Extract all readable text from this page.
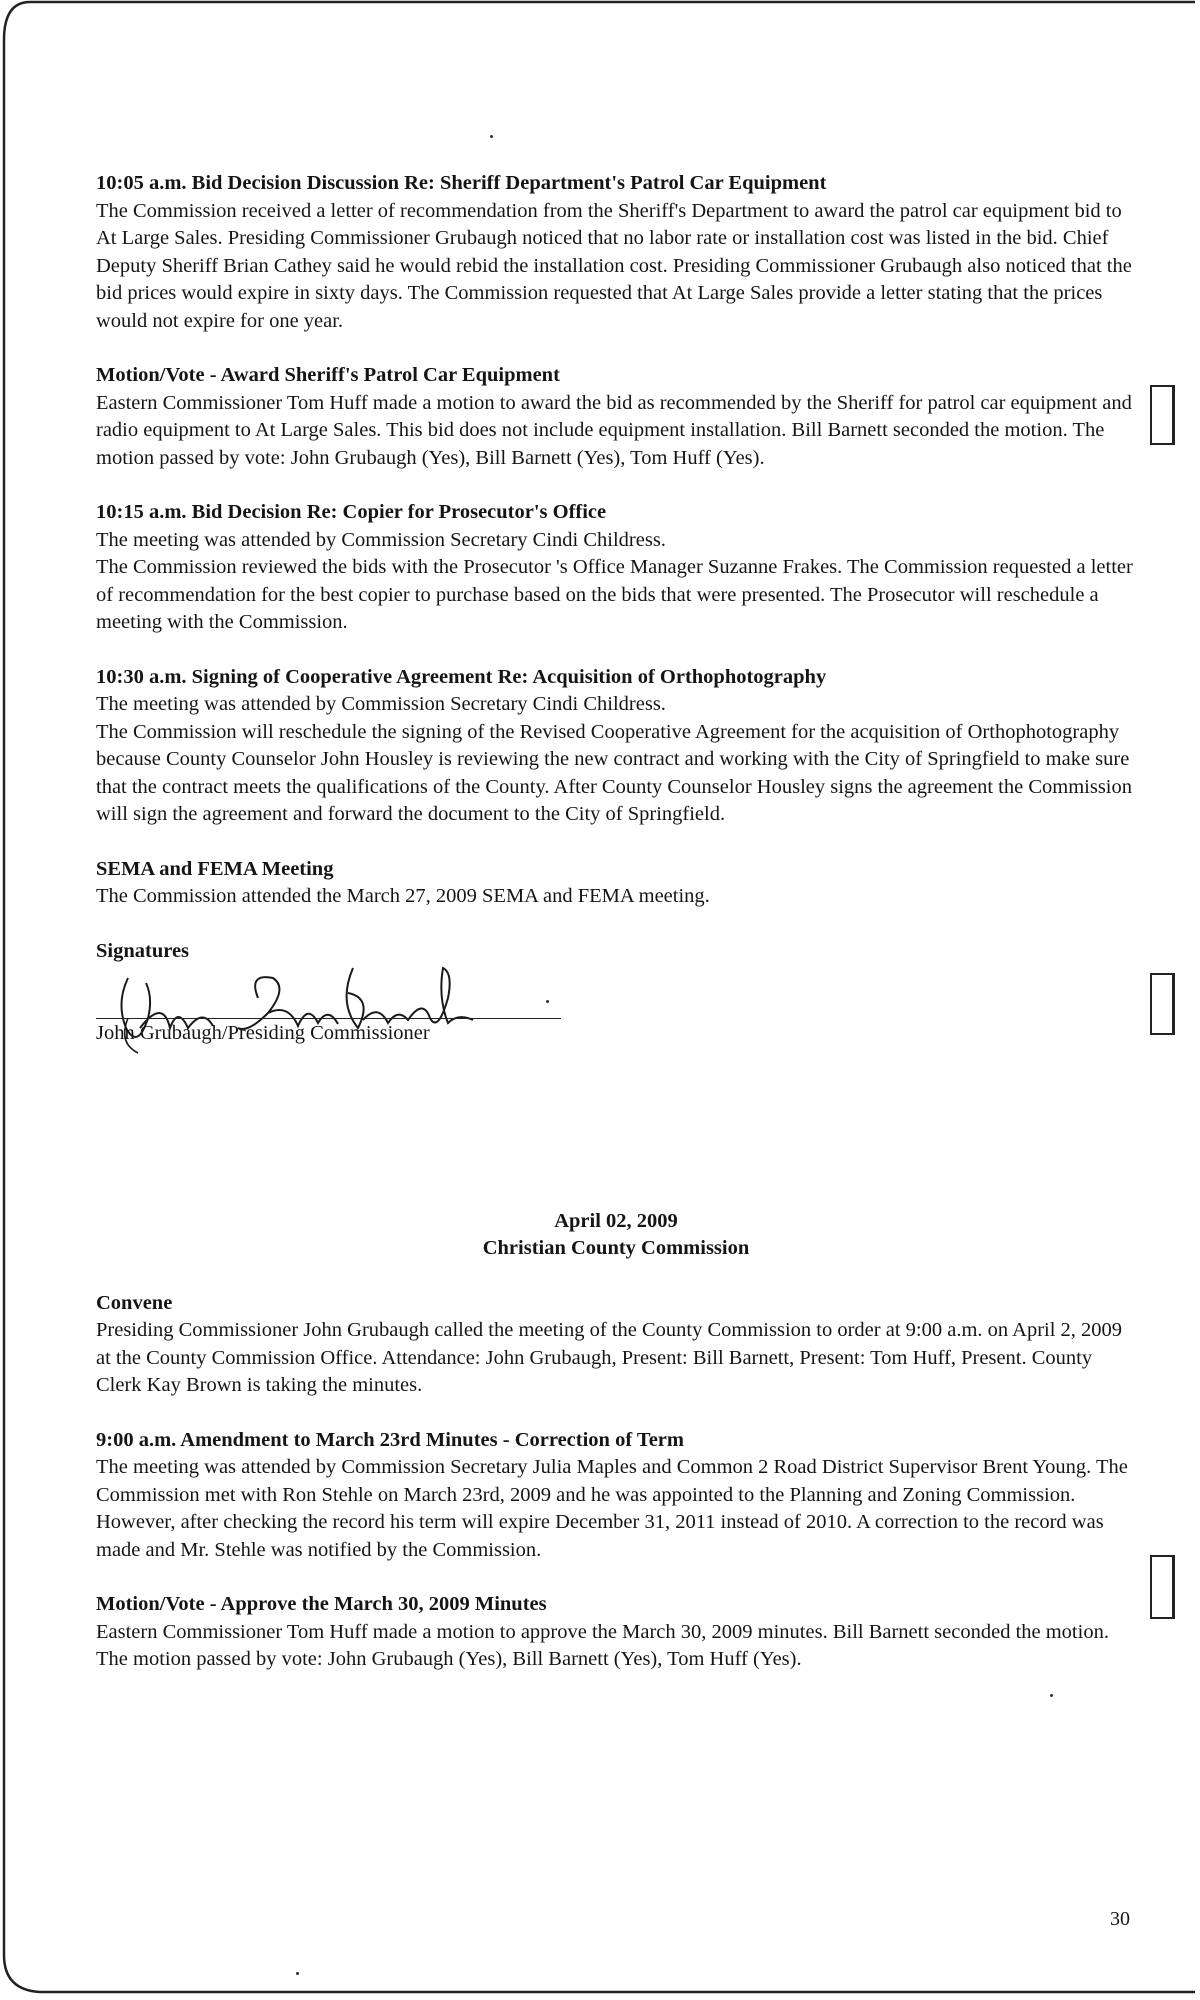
10:05 a.m. Bid Decision Discussion Re: Sheriff Department's Patrol Car Equipment

The Commission received a letter of recommendation from the Sheriff's Department to award the patrol car equipment bid to At Large Sales. Presiding Commissioner Grubaugh noticed that no labor rate or installation cost was listed in the bid. Chief Deputy Sheriff Brian Cathey said he would rebid the installation cost. Presiding Commissioner Grubaugh also noticed that the bid prices would expire in sixty days. The Commission requested that At Large Sales provide a letter stating that the prices would not expire for one year.

Motion/Vote - Award Sheriff's Patrol Car Equipment

Eastern Commissioner Tom Huff made a motion to award the bid as recommended by the Sheriff for patrol car equipment and radio equipment to At Large Sales. This bid does not include equipment installation. Bill Barnett seconded the motion. The motion passed by vote: John Grubaugh (Yes), Bill Barnett (Yes), Tom Huff (Yes).

10:15 a.m. Bid Decision Re: Copier for Prosecutor's Office

The meeting was attended by Commission Secretary Cindi Childress.

The Commission reviewed the bids with the Prosecutor 's Office Manager Suzanne Frakes. The Commission requested a letter of recommendation for the best copier to purchase based on the bids that were presented. The Prosecutor will reschedule a meeting with the Commission.

10:30 a.m. Signing of Cooperative Agreement Re: Acquisition of Orthophotography

The meeting was attended by Commission Secretary Cindi Childress.

The Commission will reschedule the signing of the Revised Cooperative Agreement for the acquisition of Orthophotography because County Counselor John Housley is reviewing the new contract and working with the City of Springfield to make sure that the contract meets the qualifications of the County. After County Counselor Housley signs the agreement the Commission will sign the agreement and forward the document to the City of Springfield.

SEMA and FEMA Meeting

The Commission attended the March 27, 2009 SEMA and FEMA meeting.

Signatures
John Grubaugh/Presiding Commissioner
April 02, 2009
Christian County Commission
Convene

Presiding Commissioner John Grubaugh called the meeting of the County Commission to order at 9:00 a.m. on April 2, 2009 at the County Commission Office. Attendance: John Grubaugh, Present: Bill Barnett, Present: Tom Huff, Present. County Clerk Kay Brown is taking the minutes.

9:00 a.m. Amendment to March 23rd Minutes - Correction of Term

The meeting was attended by Commission Secretary Julia Maples and Common 2 Road District Supervisor Brent Young. The Commission met with Ron Stehle on March 23rd, 2009 and he was appointed to the Planning and Zoning Commission. However, after checking the record his term will expire December 31, 2011 instead of 2010. A correction to the record was made and Mr. Stehle was notified by the Commission.

Motion/Vote - Approve the March 30, 2009 Minutes

Eastern Commissioner Tom Huff made a motion to approve the March 30, 2009 minutes. Bill Barnett seconded the motion. The motion passed by vote: John Grubaugh (Yes), Bill Barnett (Yes), Tom Huff (Yes).

30
